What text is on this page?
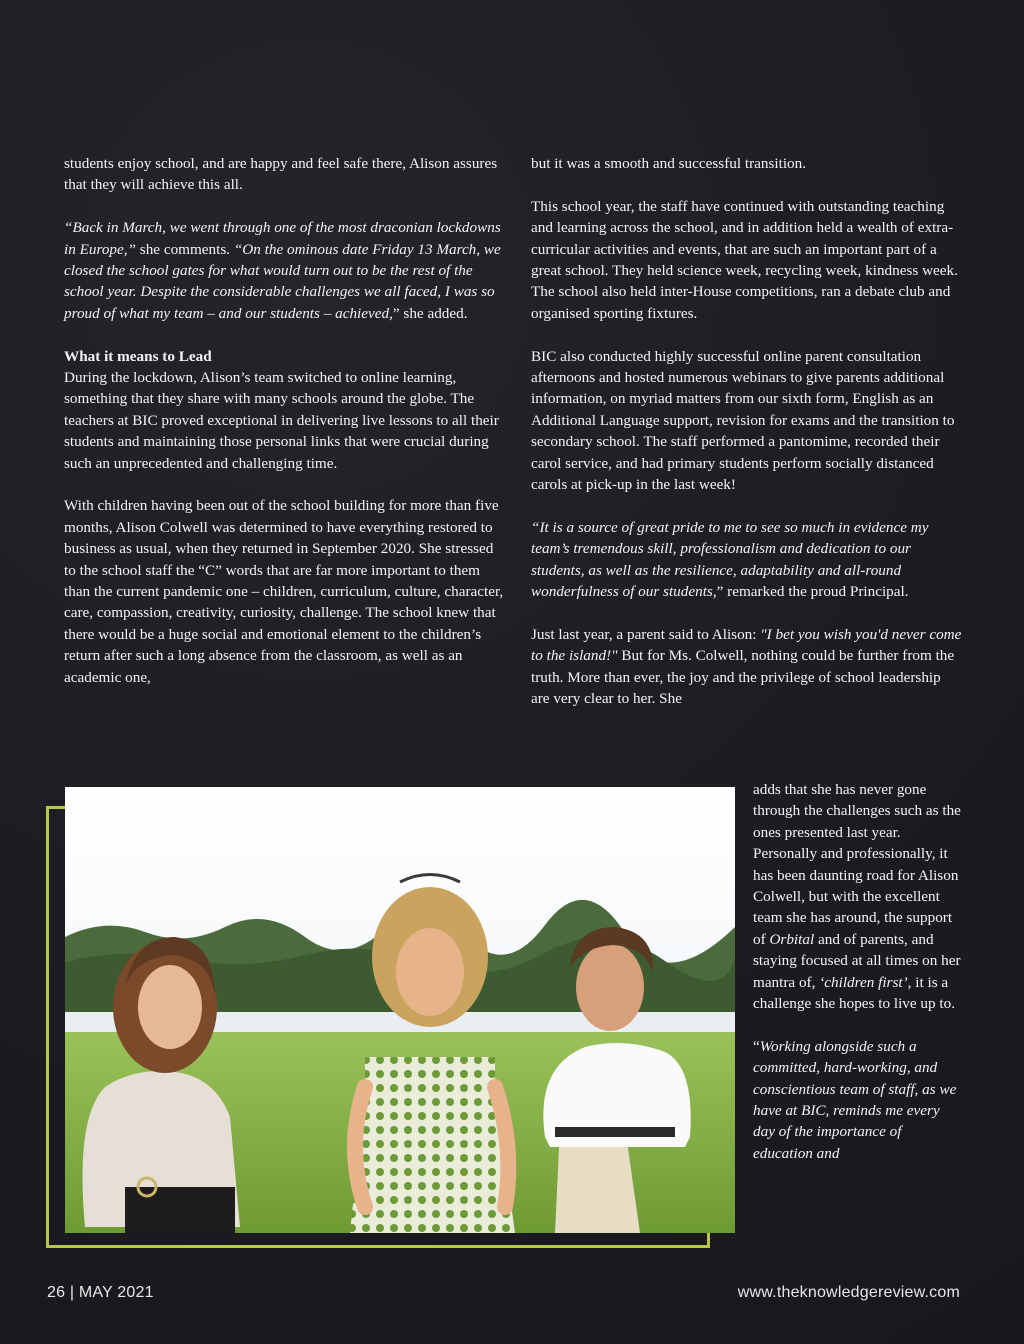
students enjoy school, and are happy and feel safe there, Alison assures that they will achieve this all.

“Back in March, we went through one of the most draconian lockdowns in Europe,” she comments. “On the ominous date Friday 13 March, we closed the school gates for what would turn out to be the rest of the school year. Despite the considerable challenges we all faced, I was so proud of what my team – and our students – achieved,” she added.

What it means to Lead
During the lockdown, Alison’s team switched to online learning, something that they share with many schools around the globe. The teachers at BIC proved exceptional in delivering live lessons to all their students and maintaining those personal links that were crucial during such an unprecedented and challenging time.

With children having been out of the school building for more than five months, Alison Colwell was determined to have everything restored to business as usual, when they returned in September 2020. She stressed to the school staff the “C” words that are far more important to them than the current pandemic one – children, curriculum, culture, character, care, compassion, creativity, curiosity, challenge. The school knew that there would be a huge social and emotional element to the children’s return after such a long absence from the classroom, as well as an academic one,

but it was a smooth and successful transition.

This school year, the staff have continued with outstanding teaching and learning across the school, and in addition held a wealth of extra-curricular activities and events, that are such an important part of a great school. They held science week, recycling week, kindness week. The school also held inter-House competitions, ran a debate club and organised sporting fixtures.

BIC also conducted highly successful online parent consultation afternoons and hosted numerous webinars to give parents additional information, on myriad matters from our sixth form, English as an Additional Language support, revision for exams and the transition to secondary school. The staff performed a pantomime, recorded their carol service, and had primary students perform socially distanced carols at pick-up in the last week!

“It is a source of great pride to me to see so much in evidence my team’s tremendous skill, professionalism and dedication to our students, as well as the resilience, adaptability and all-round wonderfulness of our students,” remarked the proud Principal.

Just last year, a parent said to Alison: "I bet you wish you'd never come to the island!" But for Ms. Colwell, nothing could be further from the truth. More than ever, the joy and the privilege of school leadership are very clear to her. She

adds that she has never gone through the challenges such as the ones presented last year. Personally and professionally, it has been daunting road for Alison Colwell, but with the excellent team she has around, the support of Orbital and of parents, and staying focused at all times on her mantra of, ‘children first’, it is a challenge she hopes to live up to.

“Working alongside such a committed, hard-working, and conscientious team of staff, as we have at BIC, reminds me every day of the importance of education and

26 | MAY 2021	www.theknowledgereview.com
